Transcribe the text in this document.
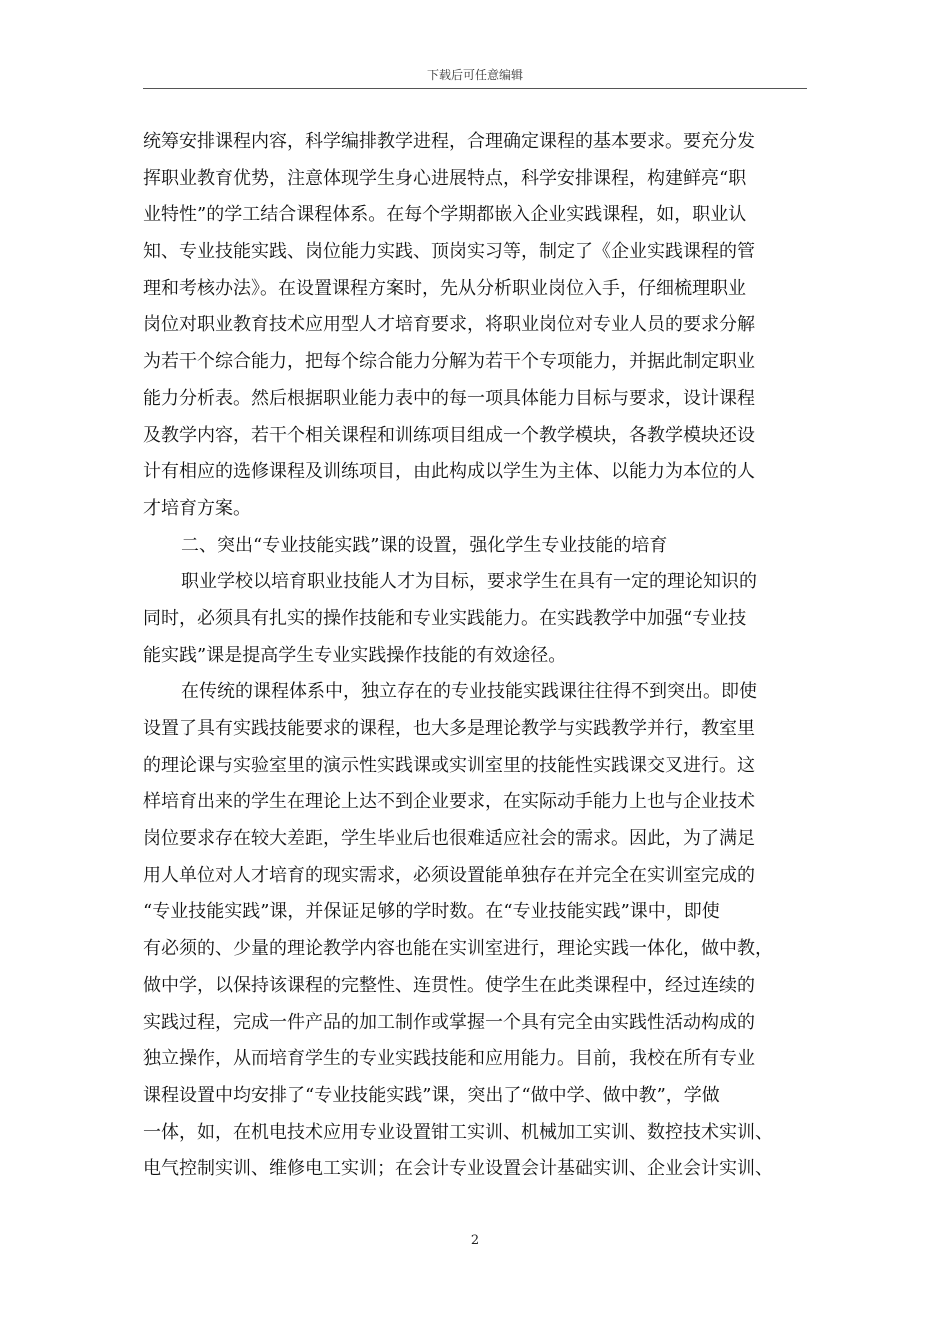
下载后可任意编辑
统筹安排课程内容，科学编排教学进程，合理确定课程的基本要求。要充分发
挥职业教育优势，注意体现学生身心进展特点，科学安排课程，构建鲜亮“职
业特性”的学工结合课程体系。在每个学期都嵌入企业实践课程，如，职业认
知、专业技能实践、岗位能力实践、顶岗实习等，制定了《企业实践课程的管
理和考核办法》。在设置课程方案时，先从分析职业岗位入手，仔细梳理职业
岗位对职业教育技术应用型人才培育要求，将职业岗位对专业人员的要求分解
为若干个综合能力，把每个综合能力分解为若干个专项能力，并据此制定职业
能力分析表。然后根据职业能力表中的每一项具体能力目标与要求，设计课程
及教学内容，若干个相关课程和训练项目组成一个教学模块，各教学模块还设
计有相应的选修课程及训练项目，由此构成以学生为主体、以能力为本位的人
才培育方案。
二、突出“专业技能实践”课的设置，强化学生专业技能的培育
职业学校以培育职业技能人才为目标，要求学生在具有一定的理论知识的
同时，必须具有扎实的操作技能和专业实践能力。在实践教学中加强“专业技
能实践”课是提高学生专业实践操作技能的有效途径。
在传统的课程体系中，独立存在的专业技能实践课往往得不到突出。即使
设置了具有实践技能要求的课程，也大多是理论教学与实践教学并行，教室里
的理论课与实验室里的演示性实践课或实训室里的技能性实践课交叉进行。这
样培育出来的学生在理论上达不到企业要求，在实际动手能力上也与企业技术
岗位要求存在较大差距，学生毕业后也很难适应社会的需求。因此，为了满足
用人单位对人才培育的现实需求，必须设置能单独存在并完全在实训室完成的
“专业技能实践”课，并保证足够的学时数。在“专业技能实践”课中，即使
有必须的、少量的理论教学内容也能在实训室进行，理论实践一体化，做中教，
做中学，以保持该课程的完整性、连贯性。使学生在此类课程中，经过连续的
实践过程，完成一件产品的加工制作或掌握一个具有完全由实践性活动构成的
独立操作，从而培育学生的专业实践技能和应用能力。目前，我校在所有专业
课程设置中均安排了“专业技能实践”课，突出了“做中学、做中教”，学做
一体，如，在机电技术应用专业设置钳工实训、机械加工实训、数控技术实训、
电气控制实训、维修电工实训；在会计专业设置会计基础实训、企业会计实训、
2
